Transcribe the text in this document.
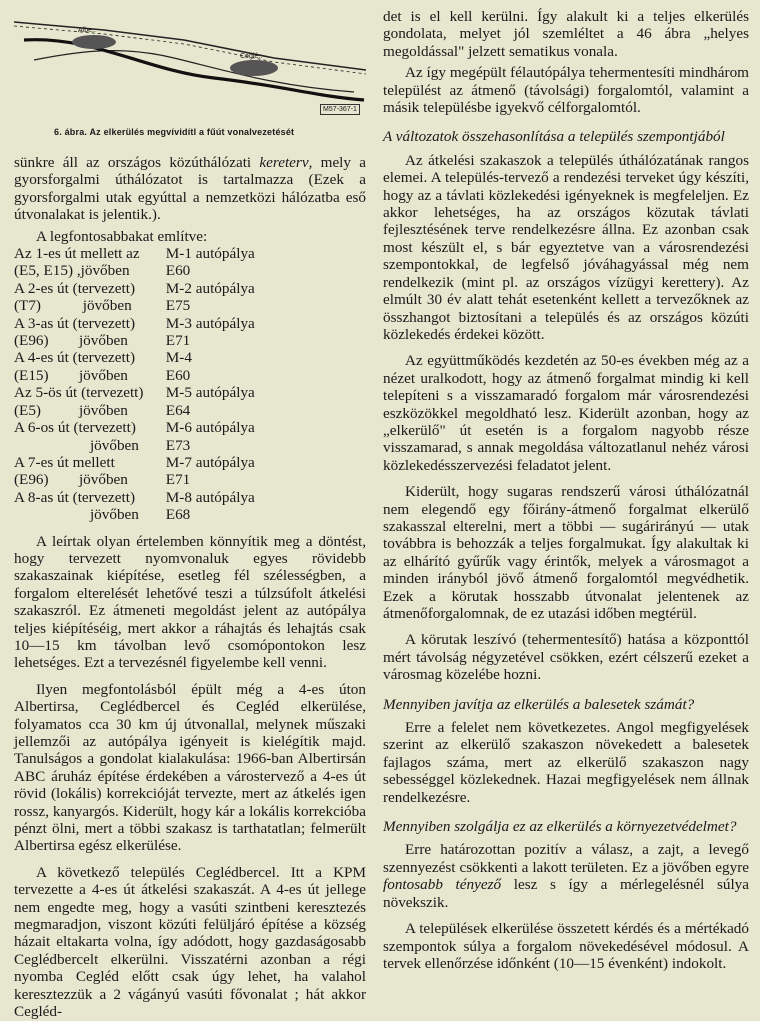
Albe..
Ceglé..
M57-367-1
6. ábra. Az elkerülés megvívidítl a fűút vonalvezetését

sünkre áll az országos közúthálózati kereterv, mely a gyorsforgalmi úthálózatot is tartalmazza (Ezek a gyorsforgalmi utak egyúttal a nemzetközi hálózatba eső útvonalakat is jelentik.).

A legfontosabbakat említve:

Az 1-es út mellett az M-1 autópálya
(E5, E15) ,jövőben E60
A 2-es út (tervezett) M-2 autópálya
(T7)           jövőben E75
A 3-as út (tervezett) M-3 autópálya
(E96)        jövőben E71
A 4-es út (tervezett) M-4
(E15)        jövőben E60
Az 5-ös út (tervezett) M-5 autópálya
(E5)          jövőben E64
A 6-os út (tervezett) M-6 autópálya
jövőben E73
A 7-es út mellett	M-7 autópálya
(E96)        jövőben E71
A 8-as út (tervezett) M-8 autópálya
jövőben E68

A leírtak olyan értelemben könnyítik meg a döntést, hogy tervezett nyomvonaluk egyes rövidebb szakaszainak kiépítése, esetleg fél szélességben, a forgalom elterelését lehetővé teszi a túlzsúfolt átkelési szakaszról. Ez átmeneti megoldást jelent az autópálya teljes kiépítéséig, mert akkor a ráhajtás és lehajtás csak 10—15 km távolban levő csomópontokon lesz lehetséges. Ezt a tervezésnél figyelembe kell venni.

Ilyen megfontolásból épült még a 4-es úton Albertirsa, Ceglédbercel és Cegléd elkerülése, folyamatos cca 30 km új útvonallal, melynek műszaki jellemzői az autópálya igényeit is kielégítik majd. Tanulságos a gondolat kialakulása: 1966-ban Albertirsán ABC áruház építése érdekében a várostervező a 4-es út rövid (lokális) korrekcióját tervezte, mert az átkelés igen rossz, kanyargós. Kiderült, hogy kár a lokális korrekcióba pénzt ölni, mert a többi szakasz is tarthatatlan; felmerült Albertirsa egész elkerülése.

A következő település Ceglédbercel. Itt a KPM tervezette a 4-es út átkelési szakaszát. A 4-es út jellege nem engedte meg, hogy a vasúti szintbeni keresztezés megmaradjon, viszont közúti felüljáró építése a község házait eltakarta volna, így adódott, hogy gazdaságosabb Ceglédbercelt elkerülni. Visszatérni azonban a régi nyomba Cegléd előtt csak úgy lehet, ha valahol keresztezzük a 2 vágányú vasúti fővonalat ; hát akkor Cegléd-

det is el kell kerülni. Így alakult ki a teljes elkerülés gondolata, melyet jól szemléltet a 46 ábra „helyes megoldással" jelzett sematikus vonala.

Az így megépült félautópálya tehermentesíti mindhárom települést az átmenő (távolsági) forgalomtól, valamint a másik településbe igyekvő célforgalomtól.

A változatok összehasonlítása a település szempontjából

Az átkelési szakaszok a település úthálózatának rangos elemei. A település-tervező a rendezési terveket úgy készíti, hogy az a távlati közlekedési igényeknek is megfeleljen. Ez akkor lehetséges, ha az országos közutak távlati fejlesztésének terve rendelkezésre állna. Ez azonban csak most készült el, s bár egyeztetve van a városrendezési szempontokkal, de legfelső jóváhagyással még nem rendelkezik (mint pl. az országos vízügyi kerettery). Az elmúlt 30 év alatt tehát esetenként kellett a tervezőknek az összhangot biztosítani a település és az országos közúti közlekedés érdekei között.

Az együttműködés kezdetén az 50-es években még az a nézet uralkodott, hogy az átmenő forgalmat mindig ki kell telepíteni s a visszamaradó forgalom már városrendezési eszközökkel megoldható lesz. Kiderült azonban, hogy az „elkerülő" út esetén is a forgalom nagyobb része visszamarad, s annak megoldása változatlanul nehéz városi közlekedésszervezési feladatot jelent.

Kiderült, hogy sugaras rendszerű városi úthálózatnál nem elegendő egy főirány-átmenő forgalmat elkerülő szakasszal elterelni, mert a többi — sugárirányú — utak továbbra is behozzák a teljes forgalmukat. Így alakultak ki az elhárító gyűrűk vagy érintők, melyek a városmagot a minden irányból jövő átmenő forgalomtól megvédhetik. Ezek a körutak hosszabb útvonalat jelentenek az átmenőforgalomnak, de ez utazási időben megtérül.

A körutak leszívó (tehermentesítő) hatása a központtól mért távolság négyzetével csökken, ezért célszerű ezeket a városmag közelébe hozni.

Mennyiben javítja az elkerülés a balesetek számát?

Erre a felelet nem következetes. Angol megfigyelések szerint az elkerülő szakaszon növekedett a balesetek fajlagos száma, mert az elkerülő szakaszon nagy sebességgel közlekednek. Hazai megfigyelések nem állnak rendelkezésre.

Mennyiben szolgálja ez az elkerülés a környezetvédelmet?

Erre határozottan pozitív a válasz, a zajt, a levegő szennyezést csökkenti a lakott területen. Ez a jövőben egyre fontosabb tényező lesz s így a mérlegelésnél súlya növekszik.

A települések elkerülése összetett kérdés és a mértékadó szempontok súlya a forgalom növekedésével módosul. A tervek ellenőrzése időnként (10—15 évenként) indokolt.
